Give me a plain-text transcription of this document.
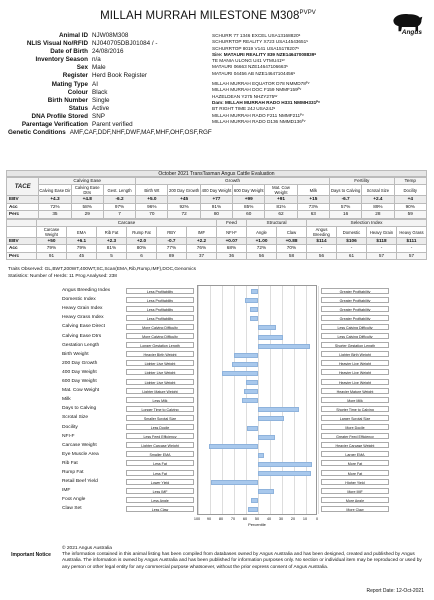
MILLAH MURRAH MILESTONE $M308^{PVPV}$
Angus
Animal ID NJW08M308
NLIS Visual No/RFID NJ040705DBJ01084 / -
Date of Birth 24/08/2016
Inventory Season n/a
Sex Male
Register Herd Book Register
Mating Type AI
Colour Black
Birth Number Single
Status Active
DNA Profile Stored SNP
Parentage Verification Parent verified
Genetic Conditions AMF,CAF,DDF,NHF,DWF,MAF,MHF,OHF,OSF,RGF
SCHURR 77 1346 EXCEL USA13168820ˢ
SCHURRTOP REALITY X723 USA14543651ˢ
SCHURRTOP 8019 V141 USA15178207ˢ
Sire: MATAURI REALITY 839 NZE14647008839ˢ
TE MANIA ULONG U41 VTMU41ˢᵛ
MATAURI 06663 NZE14647106663ˢ
MATAURI 04456 AB NZE14647104456ˢ
MILLAH MURRAH EQUATOR D78 NMMD78ᴾᵛ
MILLAH MURRAH DOC F159 NMMF159ᴾᵛ
HAZELDEAN Y275 NHZY275ˢᵛ
Dam: MILLAH MURRAH RADO H331 NMMH331ᴾᵛ
BT RIGHT TIME 24J USA24Jˢ
MILLAH MURRAH RADO F211 NMMF211ᴾᵛ
MILLAH MURRAH RADO D136 NMMD136ᴾᵛ
October 2021 TransTasman Angus Cattle Evaluation
TACE	Calving Ease			Growth						Fertility		Temp
	Calving Ease Dir	Calving Ease Dtrs	Gest. Length	Birth Wt	200 Day Growth	400 Day Weight	600 Day Weight	Mat. Cow Weight	Milk	Days to Calving	Scrotal Size	Docility
EBV	+4.3	+4.8	-6.2	+5.0	+45	+77	+99	+91	+15	-6.7	+2.4	+4
Acc	72%	58%	97%	96%	92%	91%	85%	81%	73%	57%	89%	90%
Perc	35	29	7	70	72	80	60	62	63	16	28	59
	Carcase						Feed	Structural		Selection Index			
	Carcase Weight	EMA	Rib Fat	Rump Fat	RBY	IMF	NFI-F	Angle	Claw	Angus Breeding	Domestic	Heavy Grain	Heavy Grass
EBV	+50	+6.1	+2.3	+2.0	-0.7	+2.2	+0.07	+1.00	+0.88	$114	$106	$118	$111
Acc	79%	79%	81%	80%	77%	76%	68%	72%	70%	-	-	-	-
Perc	91	45	5	6	89	37	36	56	58	56	61	57	57
Traits Observed: GL,BWT,200WT,400WT,SC,Scan(EMA,Rib,Rump,IMF),DOC,Genomics
Statistics: Number of Herds: 11 Prog Analysed: 238
100 90 80 70 60 50 40 30 20 10 0
Percentile
Angus Breeding Index	Less Profitability	Greater Profitability
Domestic Index	Less Profitability	Greater Profitability
Heavy Grain Index	Less Profitability	Greater Profitability
Heavy Grass Index	Less Profitability	Greater Profitability
Calving Ease Direct	More Calving Difficulty	Less Calving Difficulty
Calving Ease Dtrs	More Calving Difficulty	Less Calving Difficulty
Gestation Length	Longer Gestation Length	Shorter Gestation Length
Birth Weight	Heavier Birth Weight	Lighter Birth Weight
200 Day Growth	Lighter Live Weight	Heavier Live Weight
400 Day Weight	Lighter Live Weight	Heavier Live Weight
600 Day Weight	Lighter Live Weight	Heavier Live Weight
Mat. Cow Weight	Lighter Mature Weight	Heavier Mature Weight
Milk	Less Milk	More Milk
Days to Calving	Longer Time to Calving	Shorter Time to Calving
Scrotal Size	Smaller Scrotal Size	Larger Scrotal Size
Docility	Less Docile	More Docile
NFI-F	Less Feed Efficiency	Greater Feed Efficiency
Carcase Weight	Lighter Carcase Weight	Heavier Carcase Weight
Eye Muscle Area	Smaller EMA	Larger EMA
Rib Fat	Less Fat	More Fat
Rump Fat	Less Fat	More Fat
Retail Beef Yield	Lower Yield	Higher Yield
IMF	Less IMF	More IMF
Foot Angle	Less Angle	More Angle
Claw Set	Less Claw	More Claw
Important Notice
© 2021 Angus Australia
The information contained in this animal listing has been compiled from databases owned by Angus Australia and has been designed, created and published by Angus Australia. The information is owned by Angus Australia and has been published for information purposes only. No section or individual item may be reproduced or used by any person or other legal entity for any commercial purpose whatsoever, without the prior express consent of Angus Australia.
Report Date: 12-Oct-2021
